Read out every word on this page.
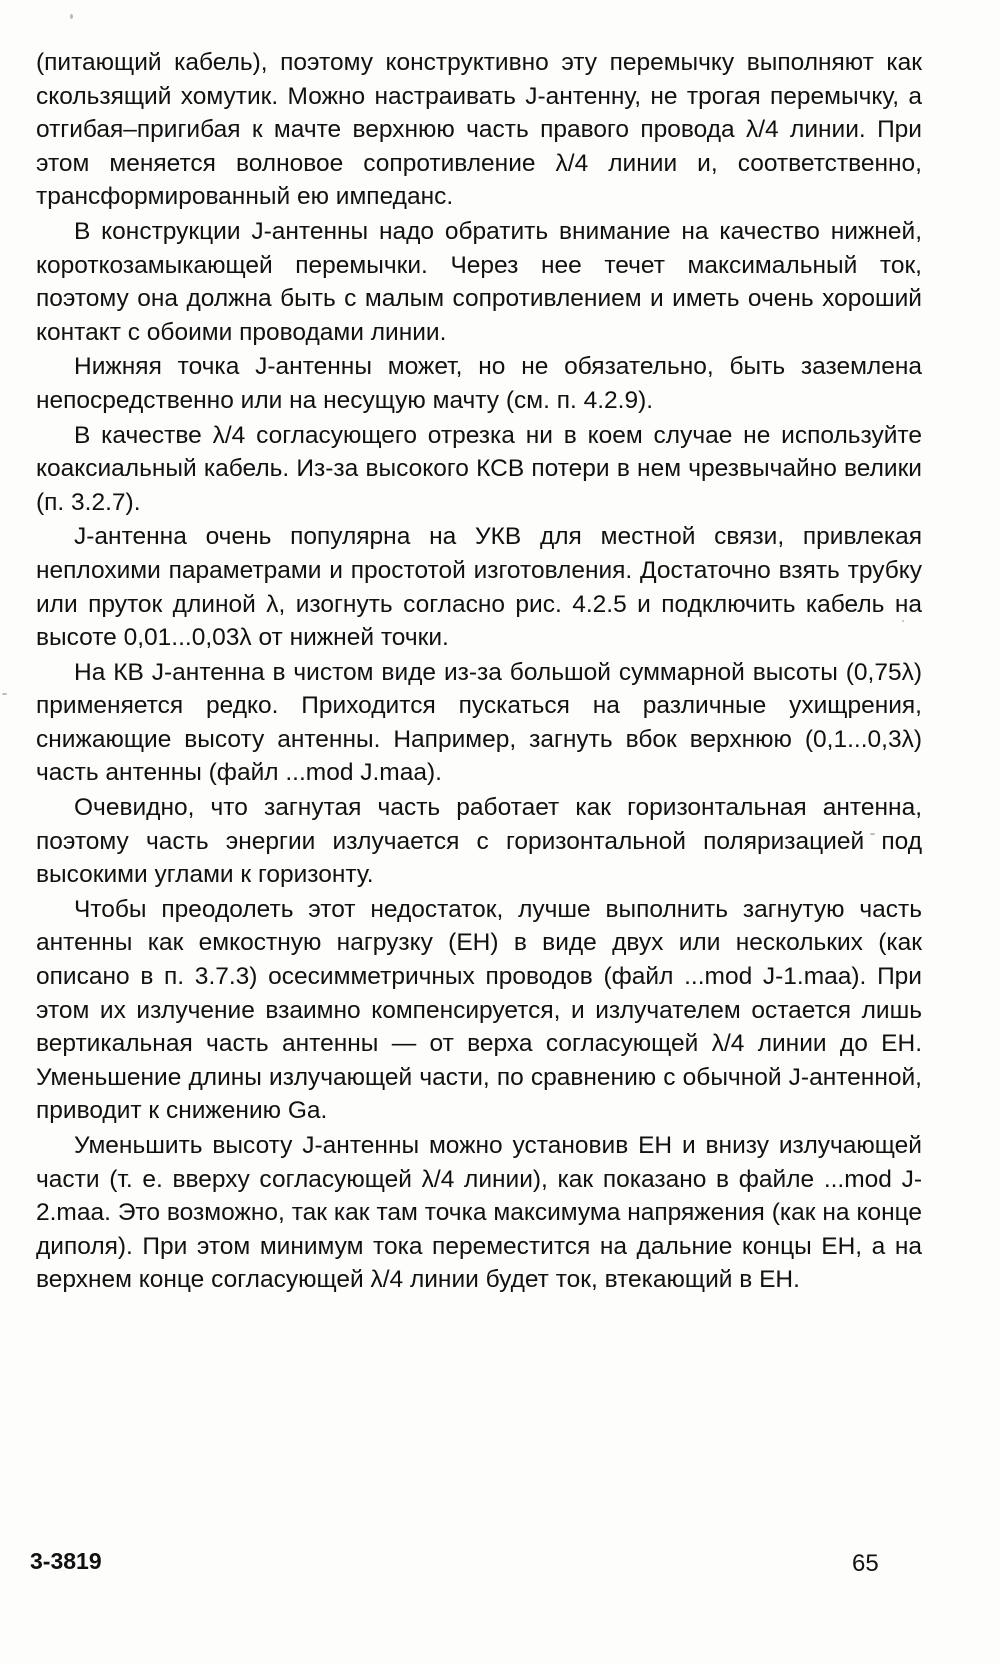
(питающий кабель), поэтому конструктивно эту перемычку выполняют как скользящий хомутик. Можно настраивать J-антенну, не трогая перемычку, а отгибая–пригибая к мачте верхнюю часть правого провода λ/4 линии. При этом меняется волновое сопротивление λ/4 линии и, соответственно, трансформированный ею импеданс.

В конструкции J-антенны надо обратить внимание на качество нижней, короткозамыкающей перемычки. Через нее течет максимальный ток, поэтому она должна быть с малым сопротивлением и иметь очень хороший контакт с обоими проводами линии.

Нижняя точка J-антенны может, но не обязательно, быть заземлена непосредственно или на несущую мачту (см. п. 4.2.9).

В качестве λ/4 согласующего отрезка ни в коем случае не используйте коаксиальный кабель. Из-за высокого КСВ потери в нем чрезвычайно велики (п. 3.2.7).

J-антенна очень популярна на УКВ для местной связи, привлекая неплохими параметрами и простотой изготовления. Достаточно взять трубку или пруток длиной λ, изогнуть согласно рис. 4.2.5 и подключить кабель на высоте 0,01...0,03λ от нижней точки.

На КВ J-антенна в чистом виде из-за большой суммарной высоты (0,75λ) применяется редко. Приходится пускаться на различные ухищрения, снижающие высоту антенны. Например, загнуть вбок верхнюю (0,1...0,3λ) часть антенны (файл ...mod J.maa).

Очевидно, что загнутая часть работает как горизонтальная антенна, поэтому часть энергии излучается с горизонтальной поляризацией под высокими углами к горизонту.

Чтобы преодолеть этот недостаток, лучше выполнить загнутую часть антенны как емкостную нагрузку (ЕН) в виде двух или нескольких (как описано в п. 3.7.3) осесимметричных проводов (файл ...mod J-1.maa). При этом их излучение взаимно компенсируется, и излучателем остается лишь вертикальная часть антенны — от верха согласующей λ/4 линии до ЕН. Уменьшение длины излучающей части, по сравнению с обычной J-антенной, приводит к снижению Ga.

Уменьшить высоту J-антенны можно установив ЕН и внизу излучающей части (т. е. вверху согласующей λ/4 линии), как показано в файле ...mod J-2.maa. Это возможно, так как там точка максимума напряжения (как на конце диполя). При этом минимум тока переместится на дальние концы ЕН, а на верхнем конце согласующей λ/4 линии будет ток, втекающий в ЕН.

3-3819	65
